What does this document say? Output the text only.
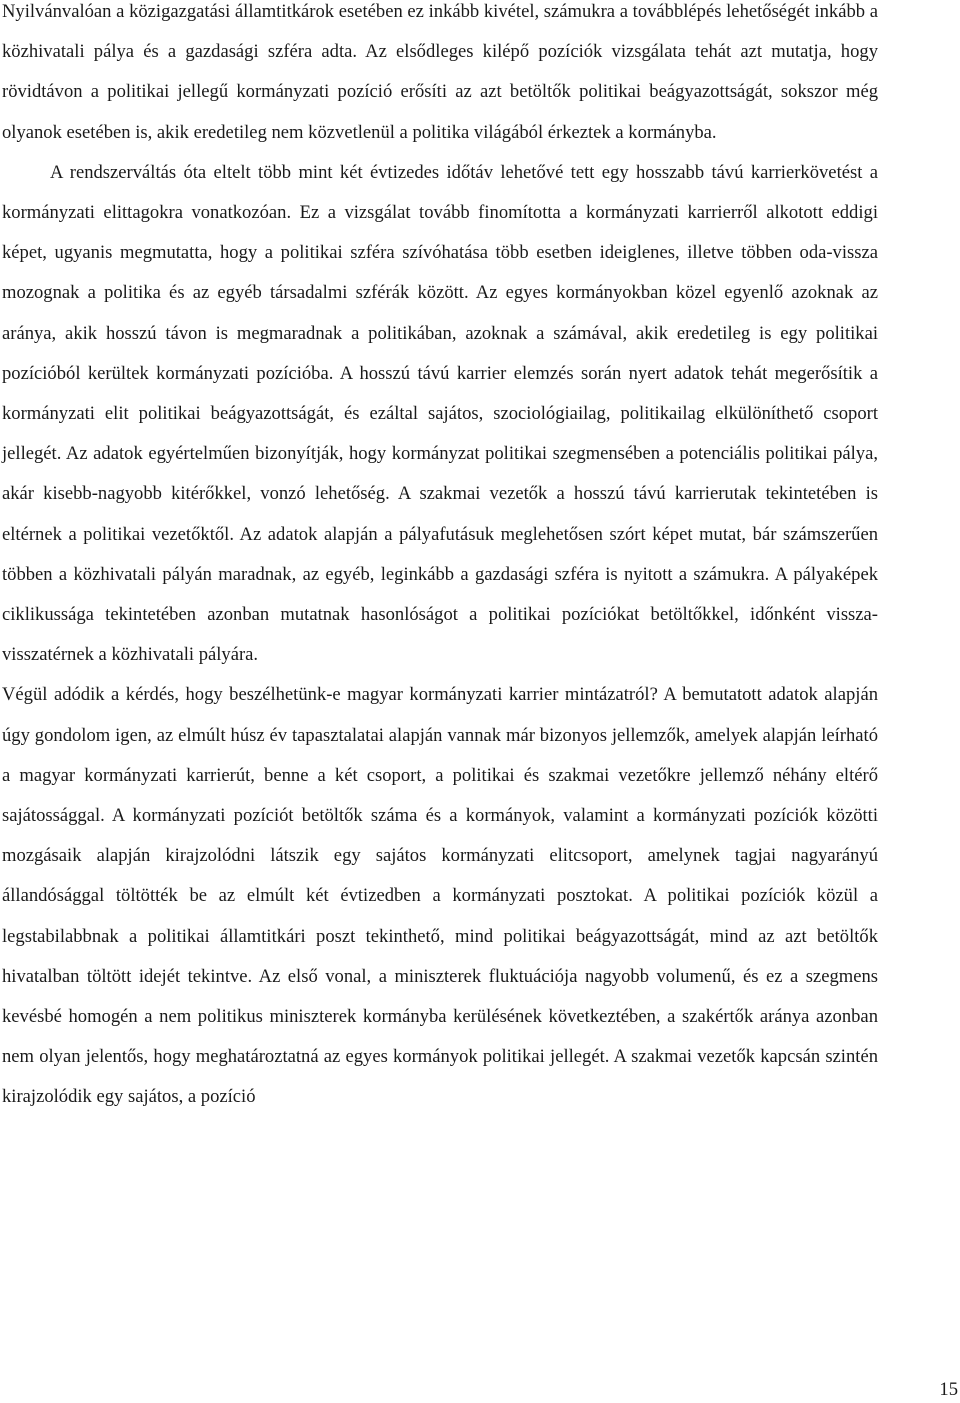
Nyilvánvalóan a közigazgatási államtitkárok esetében ez inkább kivétel, számukra a továbblépés lehetőségét inkább a közhivatali pálya és a gazdasági szféra adta. Az elsődleges kilépő pozíciók vizsgálata tehát azt mutatja, hogy rövidtávon a politikai jellegű kormányzati pozíció erősíti az azt betöltők politikai beágyazottságát, sokszor még olyanok esetében is, akik eredetileg nem közvetlenül a politika világából érkeztek a kormányba.

A rendszerváltás óta eltelt több mint két évtizedes időtáv lehetővé tett egy hosszabb távú karrierkövetést a kormányzati elittagokra vonatkozóan. Ez a vizsgálat tovább finomította a kormányzati karrierről alkotott eddigi képet, ugyanis megmutatta, hogy a politikai szféra szívóhatása több esetben ideiglenes, illetve többen oda-vissza mozognak a politika és az egyéb társadalmi szférák között. Az egyes kormányokban közel egyenlő azoknak az aránya, akik hosszú távon is megmaradnak a politikában, azoknak a számával, akik eredetileg is egy politikai pozícióból kerültek kormányzati pozícióba. A hosszú távú karrier elemzés során nyert adatok tehát megerősítik a kormányzati elit politikai beágyazottságát, és ezáltal sajátos, szociológiailag, politikailag elkülöníthető csoport jellegét. Az adatok egyértelműen bizonyítják, hogy kormányzat politikai szegmensében a potenciális politikai pálya, akár kisebb-nagyobb kitérőkkel, vonzó lehetőség. A szakmai vezetők a hosszú távú karrierutak tekintetében is eltérnek a politikai vezetőktől. Az adatok alapján a pályafutásuk meglehetősen szórt képet mutat, bár számszerűen többen a közhivatali pályán maradnak, az egyéb, leginkább a gazdasági szféra is nyitott a számukra. A pályaképek ciklikussága tekintetében azonban mutatnak hasonlóságot a politikai pozíciókat betöltőkkel, időnként vissza-visszatérnek a közhivatali pályára.

Végül adódik a kérdés, hogy beszélhetünk-e magyar kormányzati karrier mintázatról? A bemutatott adatok alapján úgy gondolom igen, az elmúlt húsz év tapasztalatai alapján vannak már bizonyos jellemzők, amelyek alapján leírható a magyar kormányzati karrierút, benne a két csoport, a politikai és szakmai vezetőkre jellemző néhány eltérő sajátossággal. A kormányzati pozíciót betöltők száma és a kormányok, valamint a kormányzati pozíciók közötti mozgásaik alapján kirajzolódni látszik egy sajátos kormányzati elitcsoport, amelynek tagjai nagyarányú állandósággal töltötték be az elmúlt két évtizedben a kormányzati posztokat. A politikai pozíciók közül a legstabilabbnak a politikai államtitkári poszt tekinthető, mind politikai beágyazottságát, mind az azt betöltők hivatalban töltött idejét tekintve. Az első vonal, a miniszterek fluktuációja nagyobb volumenű, és ez a szegmens kevésbé homogén a nem politikus miniszterek kormányba kerülésének következtében, a szakértők aránya azonban nem olyan jelentős, hogy meghatároztatná az egyes kormányok politikai jellegét. A szakmai vezetők kapcsán szintén kirajzolódik egy sajátos, a pozíció

15
